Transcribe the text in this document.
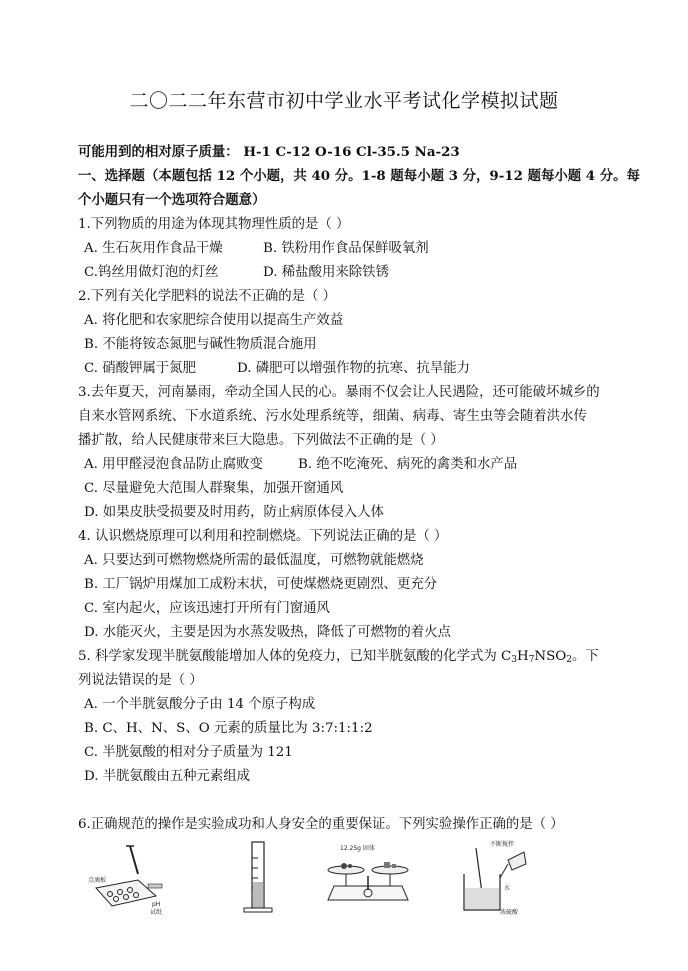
二〇二二年东营市初中学业水平考试化学模拟试题
可能用到的相对原子质量： H-1 C-12 O-16 Cl-35.5 Na-23
一、选择题（本题包括 12 个小题，共 40 分。1-8 题每小题 3 分，9-12 题每小题 4 分。每
个小题只有一个选项符合题意）
1.下列物质的用途为体现其物理性质的是（ ）
A. 生石灰用作食品干燥	B. 铁粉用作食品保鲜吸氧剂
C.钨丝用做灯泡的灯丝	D. 稀盐酸用来除铁锈
2.下列有关化学肥料的说法不正确的是（ ）
A. 将化肥和农家肥综合使用以提高生产效益
B. 不能将铵态氮肥与碱性物质混合施用
C. 硝酸钾属于氮肥	D. 磷肥可以增强作物的抗寒、抗旱能力
3.去年夏天，河南暴雨，牵动全国人民的心。暴雨不仅会让人民遇险，还可能破坏城乡的
自来水管网系统、下水道系统、污水处理系统等，细菌、病毒、寄生虫等会随着洪水传
播扩散，给人民健康带来巨大隐患。下列做法不正确的是（ ）
A. 用甲醛浸泡食品防止腐败变	B. 绝不吃淹死、病死的禽类和水产品
C. 尽量避免大范围人群聚集，加强开窗通风
D. 如果皮肤受损要及时用药，防止病原体侵入人体
4. 认识燃烧原理可以利用和控制燃烧。下列说法正确的是（ ）
A. 只要达到可燃物燃烧所需的最低温度，可燃物就能燃烧
B. 工厂锅炉用煤加工成粉末状，可使煤燃烧更剧烈、更充分
C. 室内起火，应该迅速打开所有门窗通风
D. 水能灭火，主要是因为水蒸发吸热，降低了可燃物的着火点
5. 科学家发现半胱氨酸能增加人体的免疫力，已知半胱氨酸的化学式为 $C_3H_7NSO_2$。下
列说法错误的是（ ）
A. 一个半胱氨酸分子由 14 个原子构成
B. C、H、N、S、O 元素的质量比为 3:7:1:1:2
C. 半胱氨酸的相对分子质量为 121
D. 半胱氨酸由五种元素组成
6.正确规范的操作是实验成功和人身安全的重要保证。下列实验操作正确的是（ ）
点滴板
pH
试纸
12.25g 固体
不断搅拌
水
浓硫酸
